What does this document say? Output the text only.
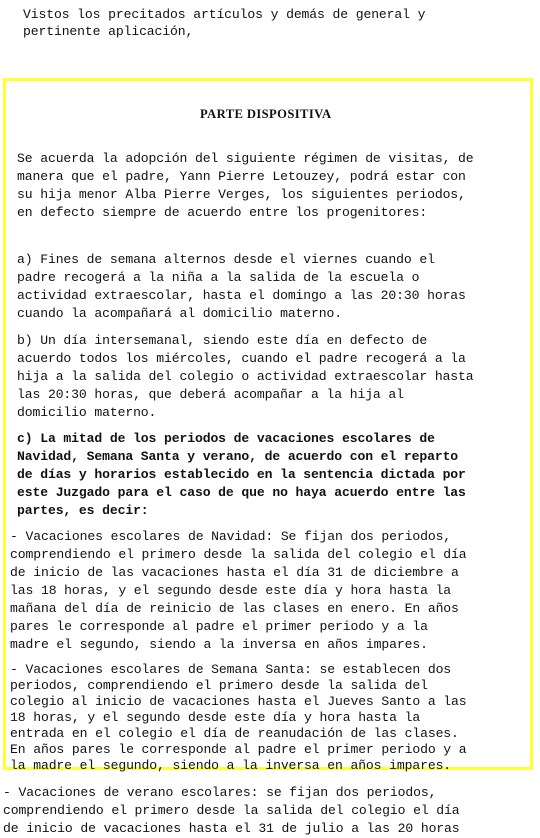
Vistos los precitados artículos y demás de general y
pertinente aplicación,
PARTE DISPOSITIVA
Se acuerda la adopción del siguiente régimen de visitas, de
manera que el padre, Yann Pierre Letouzey, podrá estar con
su hija menor Alba Pierre Verges, los siguientes periodos,
en defecto siempre de acuerdo entre los progenitores:
a) Fines de semana alternos desde el viernes cuando el
padre recogerá a la niña a la salida de la escuela o
actividad extraescolar, hasta el domingo a las 20:30 horas
cuando la acompañará al domicilio materno.
b) Un día intersemanal, siendo este día en defecto de
acuerdo todos los miércoles, cuando el padre recogerá a la
hija a la salida del colegio o actividad extraescolar hasta
las 20:30 horas, que deberá acompañar a la hija al
domicilio materno.
c) La mitad de los periodos de vacaciones escolares de
Navidad, Semana Santa y verano, de acuerdo con el reparto
de días y horarios establecido en la sentencia dictada por
este Juzgado para el caso de que no haya acuerdo entre las
partes, es decir:
- Vacaciones escolares de Navidad: Se fijan dos periodos,
comprendiendo el primero desde la salida del colegio el día
de inicio de las vacaciones hasta el día 31 de diciembre a
las 18 horas, y el segundo desde este día y hora hasta la
mañana del día de reinicio de las clases en enero. En años
pares le corresponde al padre el primer periodo y a la
madre el segundo, siendo a la inversa en años impares.
- Vacaciones escolares de Semana Santa: se establecen dos
periodos, comprendiendo el primero desde la salida del
colegio al inicio de vacaciones hasta el Jueves Santo a las
18 horas, y el segundo desde este día y hora hasta la
entrada en el colegio el día de reanudación de las clases.
En años pares le corresponde al padre el primer periodo y a
la madre el segundo, siendo a la inversa en años impares.
- Vacaciones de verano escolares: se fijan dos periodos,
comprendiendo el primero desde la salida del colegio el día
de inicio de vacaciones hasta el 31 de julio a las 20 horas
